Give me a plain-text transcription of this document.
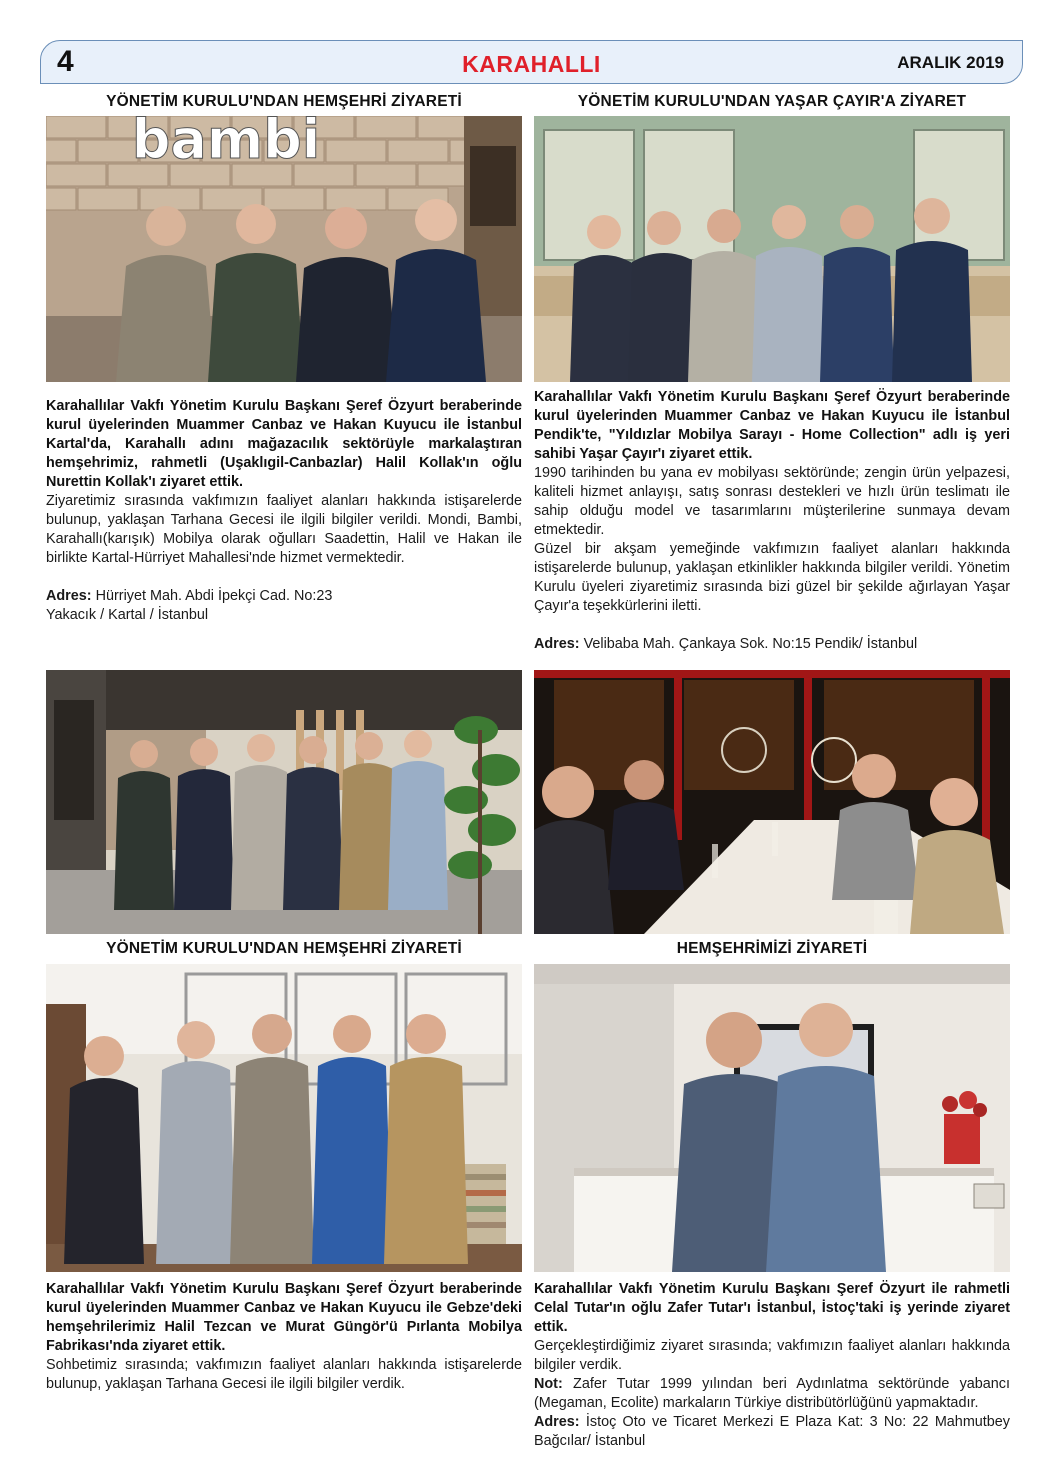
4	KARAHALLI	ARALIK 2019
YÖNETİM KURULU'NDAN HEMŞEHRİ ZİYARETİ	YÖNETİM KURULU'NDAN YAŞAR ÇAYIR'A ZİYARET
bambi

Karahallılar Vakfı Yönetim Kurulu Başkanı Şeref Özyurt beraberinde kurul üyelerinden Muammer Canbaz ve Hakan Kuyucu ile İstanbul Kartal'da, Karahallı adını mağazacılık sektörüyle markalaştıran hemşehrimiz, rahmetli (Uşaklıgil-Canbazlar) Halil Kollak'ın oğlu Nurettin Kollak'ı ziyaret ettik.

Ziyaretimiz sırasında vakfımızın faaliyet alanları hakkında istişarelerde bulunup, yaklaşan Tarhana Gecesi ile ilgili bilgiler verildi. Mondi, Bambi, Karahallı(karışık) Mobilya olarak oğulları Saadettin, Halil ve Hakan ile birlikte Kartal-Hürriyet Mahallesi'nde hizmet vermektedir.

Adres: Hürriyet Mah. Abdi İpekçi Cad. No:23

Yakacık / Kartal / İstanbul

Karahallılar Vakfı Yönetim Kurulu Başkanı Şeref Özyurt beraberinde kurul üyelerinden Muammer Canbaz ve Hakan Kuyucu ile İstanbul Pendik'te, "Yıldızlar Mobilya Sarayı - Home Collection" adlı iş yeri sahibi Yaşar Çayır'ı ziyaret ettik.

1990 tarihinden bu yana ev mobilyası sektöründe; zengin ürün yelpazesi, kaliteli hizmet anlayışı, satış sonrası destekleri ve hızlı ürün teslimatı ile sahip olduğu model ve tasarımlarını müşterilerine sunmaya devam etmektedir.

Güzel bir akşam yemeğinde vakfımızın faaliyet alanları hakkında istişarelerde bulunup, yaklaşan etkinlikler hakkında bilgiler verildi. Yönetim Kurulu üyeleri ziyaretimiz sırasında bizi güzel bir şekilde ağırlayan Yaşar Çayır'a teşekkürlerini iletti.

Adres: Velibaba Mah. Çankaya Sok. No:15 Pendik/ İstanbul

YÖNETİM KURULU'NDAN HEMŞEHRİ ZİYARETİ	HEMŞEHRİMİZİ ZİYARETİ

Karahallılar Vakfı Yönetim Kurulu Başkanı Şeref Özyurt beraberinde kurul üyelerinden Muammer Canbaz ve Hakan Kuyucu ile Gebze'deki hemşehrilerimiz Halil Tezcan ve Murat Güngör'ü Pırlanta Mobilya Fabrikası'nda ziyaret ettik.

Sohbetimiz sırasında; vakfımızın faaliyet alanları hakkında istişarelerde bulunup, yaklaşan Tarhana Gecesi ile ilgili bilgiler verdik.

Karahallılar Vakfı Yönetim Kurulu Başkanı Şeref Özyurt ile rahmetli Celal Tutar'ın oğlu Zafer Tutar'ı İstanbul, İstoç'taki iş yerinde ziyaret ettik.

Gerçekleştirdiğimiz ziyaret sırasında; vakfımızın faaliyet alanları hakkında bilgiler verdik.

Not: Zafer Tutar 1999 yılından beri Aydınlatma sektöründe yabancı (Megaman, Ecolite) markaların Türkiye distribütörlüğünü yapmaktadır.

Adres: İstoç Oto ve Ticaret Merkezi E Plaza Kat: 3 No: 22 Mahmutbey Bağcılar/ İstanbul
